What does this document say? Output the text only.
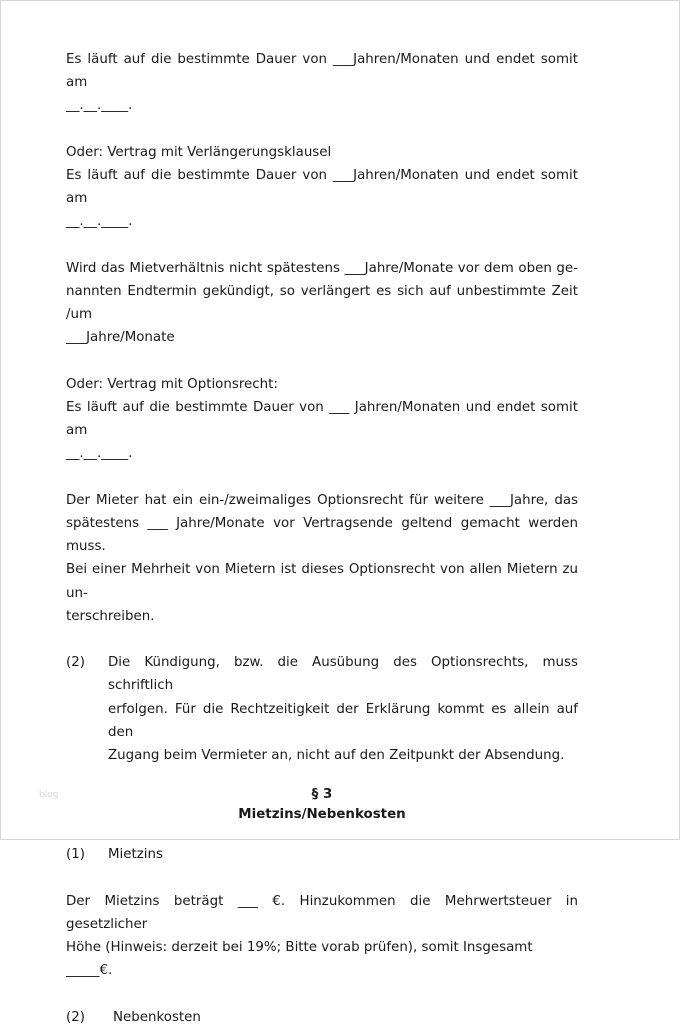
Es läuft auf die bestimmte Dauer von ___Jahren/Monaten und endet somit am

__.__.____.

Oder: Vertrag mit Verlängerungsklausel

Es läuft auf die bestimmte Dauer von ___Jahren/Monaten und endet somit am

__.__.____.

Wird das Mietverhältnis nicht spätestens ___Jahre/Monate vor dem oben ge-

nannten Endtermin gekündigt, so verlängert es sich auf unbestimmte Zeit /um

___Jahre/Monate

Oder: Vertrag mit Optionsrecht:

Es läuft auf die bestimmte Dauer von ___ Jahren/Monaten und endet somit am

__.__.____.

Der Mieter hat ein ein-/zweimaliges Optionsrecht für weitere ___Jahre, das

spätestens ___ Jahre/Monate vor Vertragsende geltend gemacht werden muss.

Bei einer Mehrheit von Mietern ist dieses Optionsrecht von allen Mietern zu un-

terschreiben.

(2)	Die Kündigung, bzw. die Ausübung des Optionsrechts, muss schriftlich

erfolgen. Für die Rechtzeitigkeit der Erklärung kommt es allein auf den

Zugang beim Vermieter an, nicht auf den Zeitpunkt der Absendung.

§ 3

Mietzins/Nebenkosten

(1)	Mietzins

Der Mietzins beträgt ___ €. Hinzukommen die Mehrwertsteuer in gesetzlicher

Höhe (Hinweis: derzeit bei 19%; Bitte vorab prüfen), somit Insgesamt _____€.

(2)	Nebenkosten
blog
